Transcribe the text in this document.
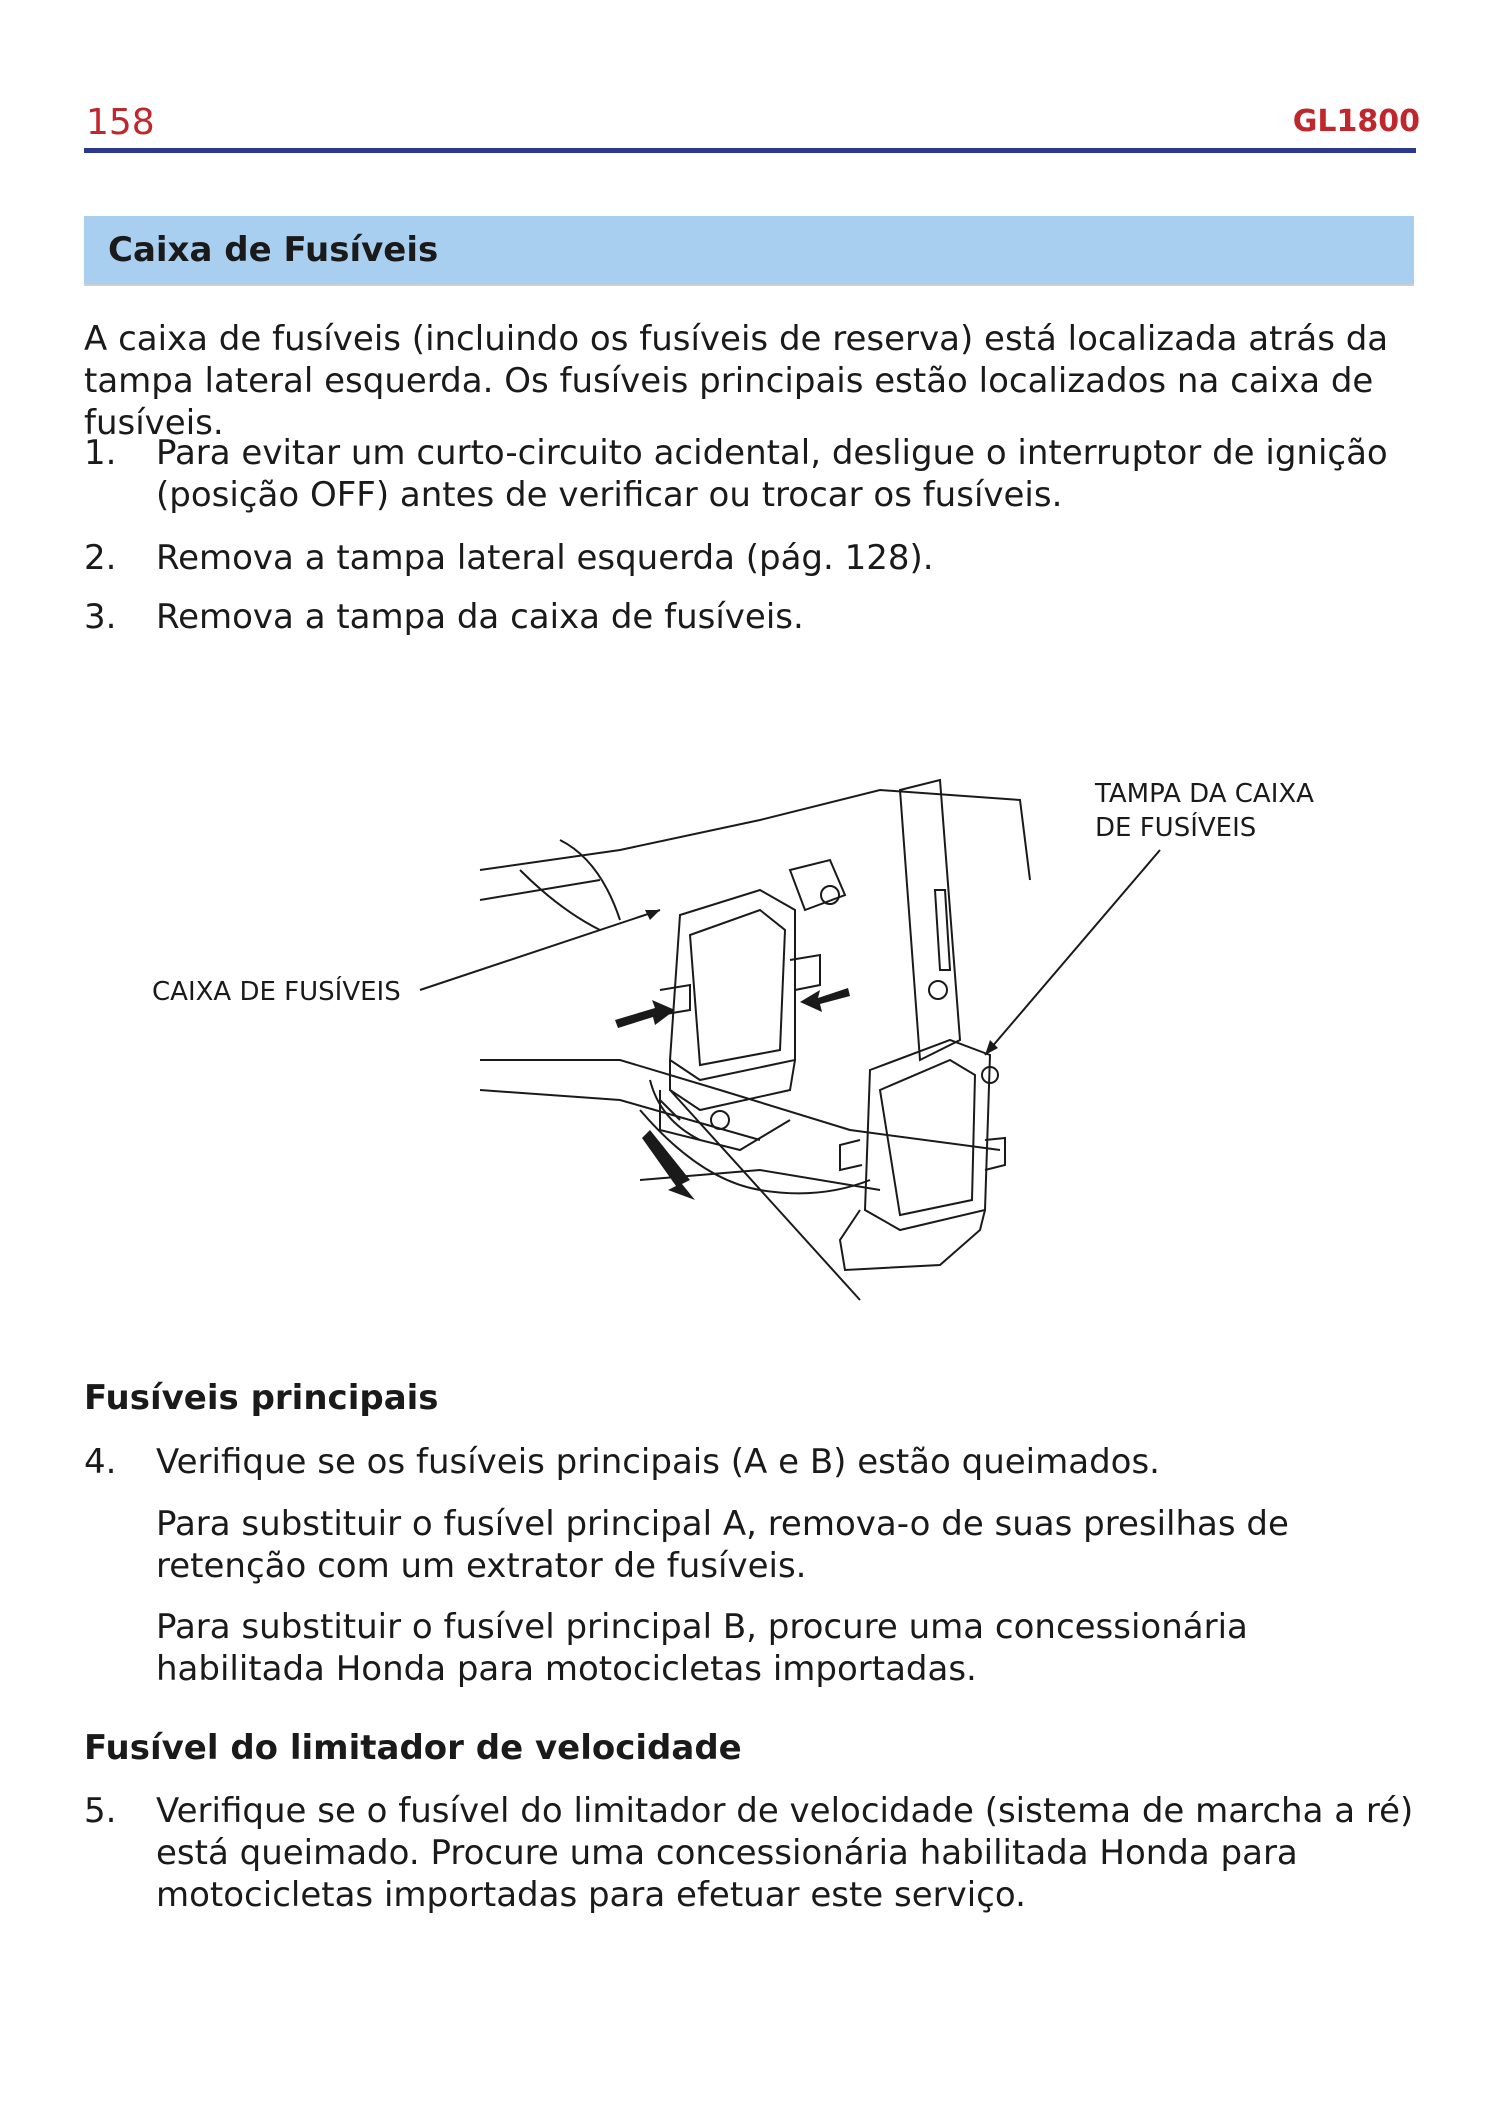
158	GL1800
Caixa de Fusíveis
A caixa de fusíveis (incluindo os fusíveis de reserva) está localizada atrás da tampa lateral esquerda. Os fusíveis principais estão localizados na caixa de fusíveis.
1. Para evitar um curto-circuito acidental, desligue o interruptor de ignição (posição OFF) antes de verificar ou trocar os fusíveis.
2. Remova a tampa lateral esquerda (pág. 128).
3. Remova a tampa da caixa de fusíveis.
TAMPA DA CAIXA
DE FUSÍVEIS
CAIXA DE FUSÍVEIS
Fusíveis principais
4. Verifique se os fusíveis principais (A e B) estão queimados.
Para substituir o fusível principal A, remova-o de suas presilhas de retenção com um extrator de fusíveis.
Para substituir o fusível principal B, procure uma concessionária habilitada Honda para motocicletas importadas.
Fusível do limitador de velocidade
5. Verifique se o fusível do limitador de velocidade (sistema de marcha a ré) está queimado. Procure uma concessionária habilitada Honda para motocicletas importadas para efetuar este serviço.
